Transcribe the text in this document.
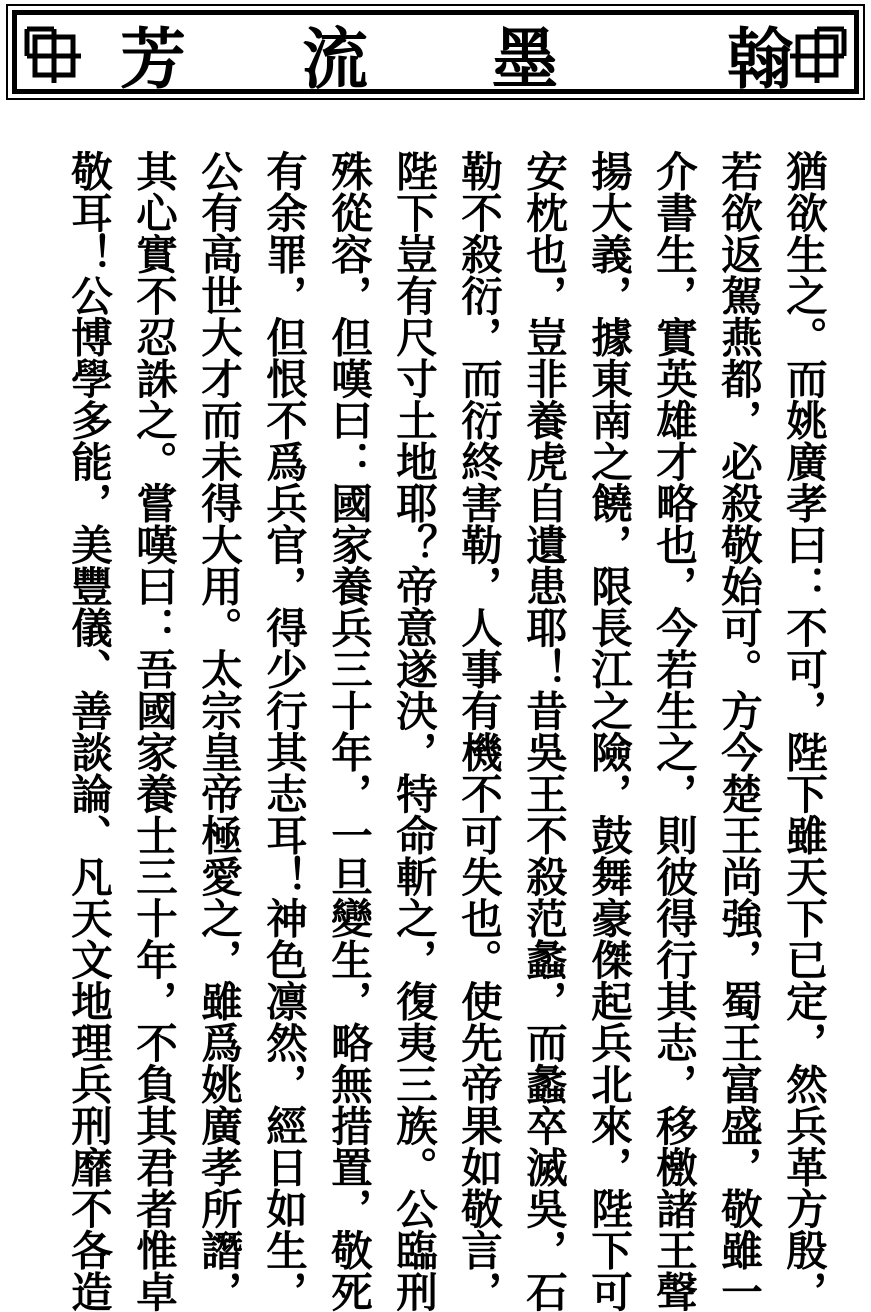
翰
墨
流
芳
猶欲生之。而姚廣孝曰：不可，陛下雖天下已定，然兵革方殷，
若欲返駕燕都，必殺敬始可。方今楚王尚強，蜀王富盛，敬雖一
介書生，實英雄才略也，今若生之，則彼得行其志，移檄諸王聲
揚大義，據東南之饒，限長江之險，鼓舞豪傑起兵北來，陛下可
安枕也，豈非養虎自遺患耶！昔吳王不殺范蠡，而蠡卒滅吳，石
勒不殺衍，而衍終害勒，人事有機不可失也。使先帝果如敬言，
陛下豈有尺寸土地耶？帝意遂決，特命斬之，復夷三族。公臨刑
殊從容，但嘆曰：國家養兵三十年，一旦變生，略無措置，敬死
有余罪，但恨不爲兵官，得少行其志耳！神色凛然，經日如生，
公有高世大才而未得大用。太宗皇帝極愛之，雖爲姚廣孝所譖，
其心實不忍誅之。嘗嘆曰：吾國家養士三十年，不負其君者惟卓
敬耳！公博學多能，美豐儀、善談論、凡天文地理兵刑靡不各造
